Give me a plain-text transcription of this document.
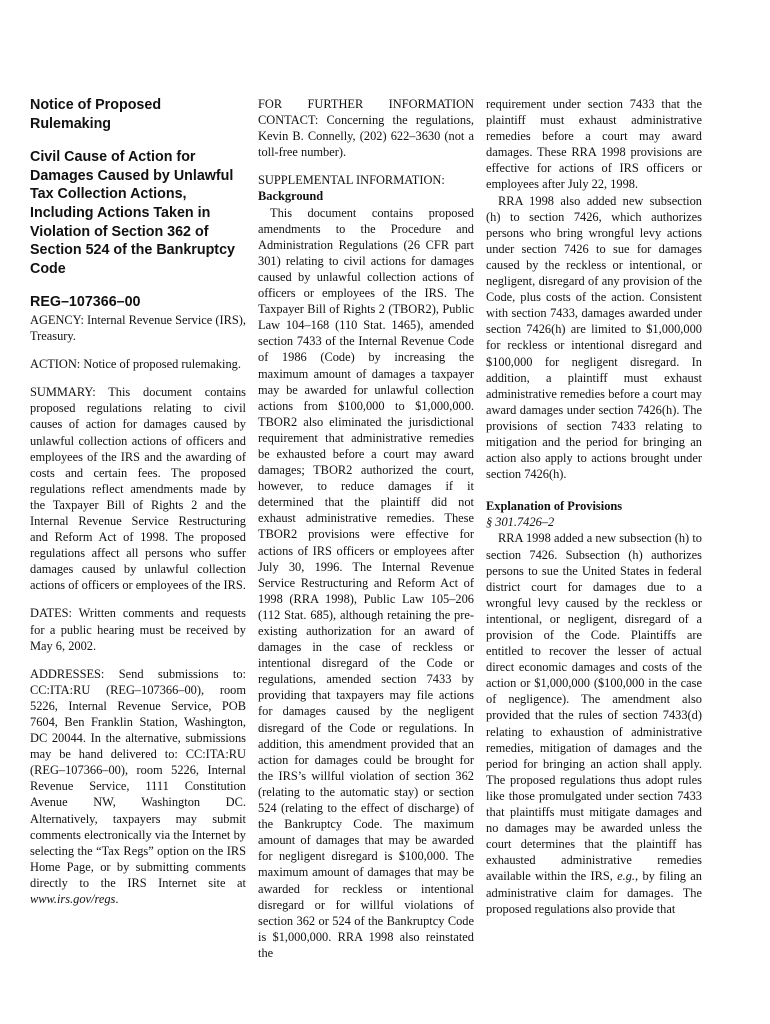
Notice of Proposed Rulemaking

Civil Cause of Action for Damages Caused by Unlawful Tax Collection Actions, Including Actions Taken in Violation of Section 362 of Section 524 of the Bankruptcy Code

REG–107366–00

AGENCY: Internal Revenue Service (IRS), Treasury.

ACTION: Notice of proposed rulemaking.

SUMMARY: This document contains proposed regulations relating to civil causes of action for damages caused by unlawful collection actions of officers and employees of the IRS and the awarding of costs and certain fees. The proposed regulations reflect amendments made by the Taxpayer Bill of Rights 2 and the Internal Revenue Service Restructuring and Reform Act of 1998. The proposed regulations affect all persons who suffer damages caused by unlawful collection actions of officers or employees of the IRS.

DATES: Written comments and requests for a public hearing must be received by May 6, 2002.

ADDRESSES: Send submissions to: CC:ITA:RU (REG–107366–00), room 5226, Internal Revenue Service, POB 7604, Ben Franklin Station, Washington, DC 20044. In the alternative, submissions may be hand delivered to: CC:ITA:RU (REG–107366–00), room 5226, Internal Revenue Service, 1111 Constitution Avenue NW, Washington DC. Alternatively, taxpayers may submit comments electronically via the Internet by selecting the “Tax Regs” option on the IRS Home Page, or by submitting comments directly to the IRS Internet site at www.irs.gov/regs.

FOR FURTHER INFORMATION CONTACT: Concerning the regulations, Kevin B. Connelly, (202) 622–3630 (not a toll-free number).

SUPPLEMENTAL INFORMATION:

Background

This document contains proposed amendments to the Procedure and Administration Regulations (26 CFR part 301) relating to civil actions for damages caused by unlawful collection actions of officers or employees of the IRS. The Taxpayer Bill of Rights 2 (TBOR2), Public Law 104–168 (110 Stat. 1465), amended section 7433 of the Internal Revenue Code of 1986 (Code) by increasing the maximum amount of damages a taxpayer may be awarded for unlawful collection actions from $100,000 to $1,000,000. TBOR2 also eliminated the jurisdictional requirement that administrative remedies be exhausted before a court may award damages; TBOR2 authorized the court, however, to reduce damages if it determined that the plaintiff did not exhaust administrative remedies. These TBOR2 provisions were effective for actions of IRS officers or employees after July 30, 1996. The Internal Revenue Service Restructuring and Reform Act of 1998 (RRA 1998), Public Law 105–206 (112 Stat. 685), although retaining the pre-existing authorization for an award of damages in the case of reckless or intentional disregard of the Code or regulations, amended section 7433 by providing that taxpayers may file actions for damages caused by the negligent disregard of the Code or regulations. In addition, this amendment provided that an action for damages could be brought for the IRS’s willful violation of section 362 (relating to the automatic stay) or section 524 (relating to the effect of discharge) of the Bankruptcy Code. The maximum amount of damages that may be awarded for negligent disregard is $100,000. The maximum amount of damages that may be awarded for reckless or intentional disregard or for willful violations of section 362 or 524 of the Bankruptcy Code is $1,000,000. RRA 1998 also reinstated the

requirement under section 7433 that the plaintiff must exhaust administrative remedies before a court may award damages. These RRA 1998 provisions are effective for actions of IRS officers or employees after July 22, 1998.

RRA 1998 also added new subsection (h) to section 7426, which authorizes persons who bring wrongful levy actions under section 7426 to sue for damages caused by the reckless or intentional, or negligent, disregard of any provision of the Code, plus costs of the action. Consistent with section 7433, damages awarded under section 7426(h) are limited to $1,000,000 for reckless or intentional disregard and $100,000 for negligent disregard. In addition, a plaintiff must exhaust administrative remedies before a court may award damages under section 7426(h). The provisions of section 7433 relating to mitigation and the period for bringing an action also apply to actions brought under section 7426(h).

Explanation of Provisions

§ 301.7426–2

RRA 1998 added a new subsection (h) to section 7426. Subsection (h) authorizes persons to sue the United States in federal district court for damages due to a wrongful levy caused by the reckless or intentional, or negligent, disregard of a provision of the Code. Plaintiffs are entitled to recover the lesser of actual direct economic damages and costs of the action or $1,000,000 ($100,000 in the case of negligence). The amendment also provided that the rules of section 7433(d) relating to exhaustion of administrative remedies, mitigation of damages and the period for bringing an action shall apply. The proposed regulations thus adopt rules like those promulgated under section 7433 that plaintiffs must mitigate damages and no damages may be awarded unless the court determines that the plaintiff has exhausted administrative remedies available within the IRS, e.g., by filing an administrative claim for damages. The proposed regulations also provide that
